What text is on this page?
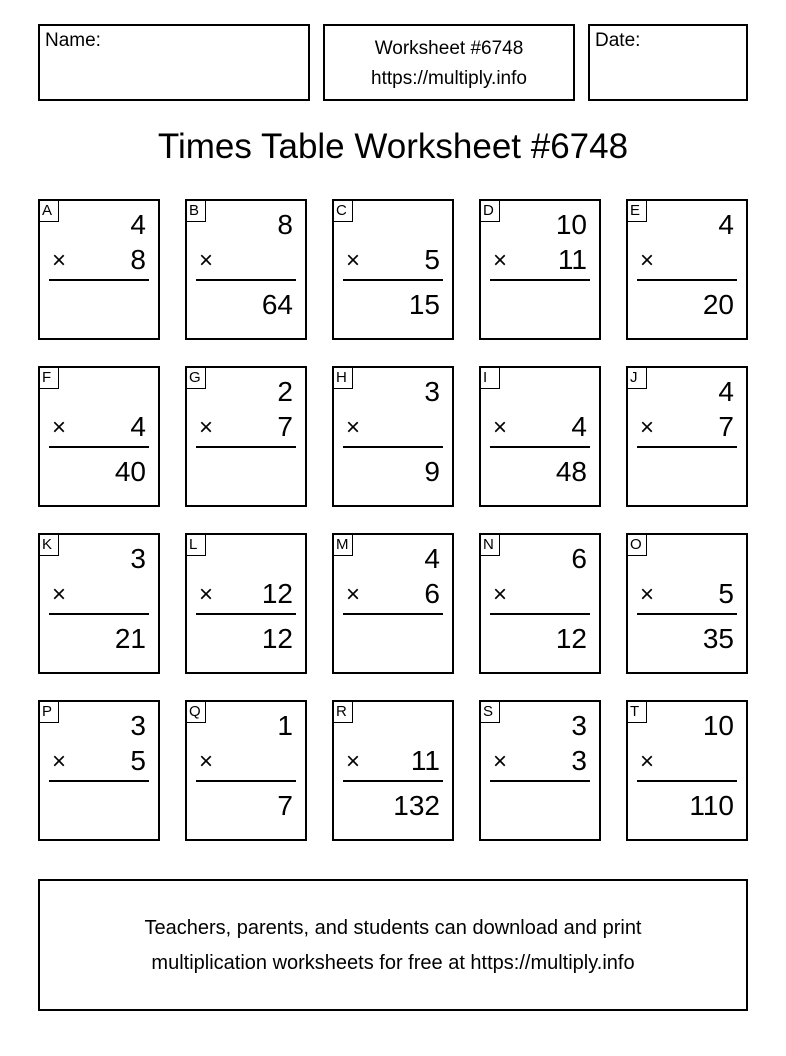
Name:	Worksheet #6748
https://multiply.info
Date:
Times Table Worksheet #6748
A	4
× 8
B	8
×
64
C
× 5
15
D 10
× 11
E	4
×
20
F
× 4
40
G	2
× 7
H	3
×
9
I
× 4
48
J	4
× 7
K	3
×
21
L
× 12
12
M	4
× 6
N	6
×
12
O
× 5
35
P	3
× 5
Q	1
×
7
R
× 11
132
S	3
× 3
T 10
×
110
Teachers, parents, and students can download and print
multiplication worksheets for free at https://multiply.info
